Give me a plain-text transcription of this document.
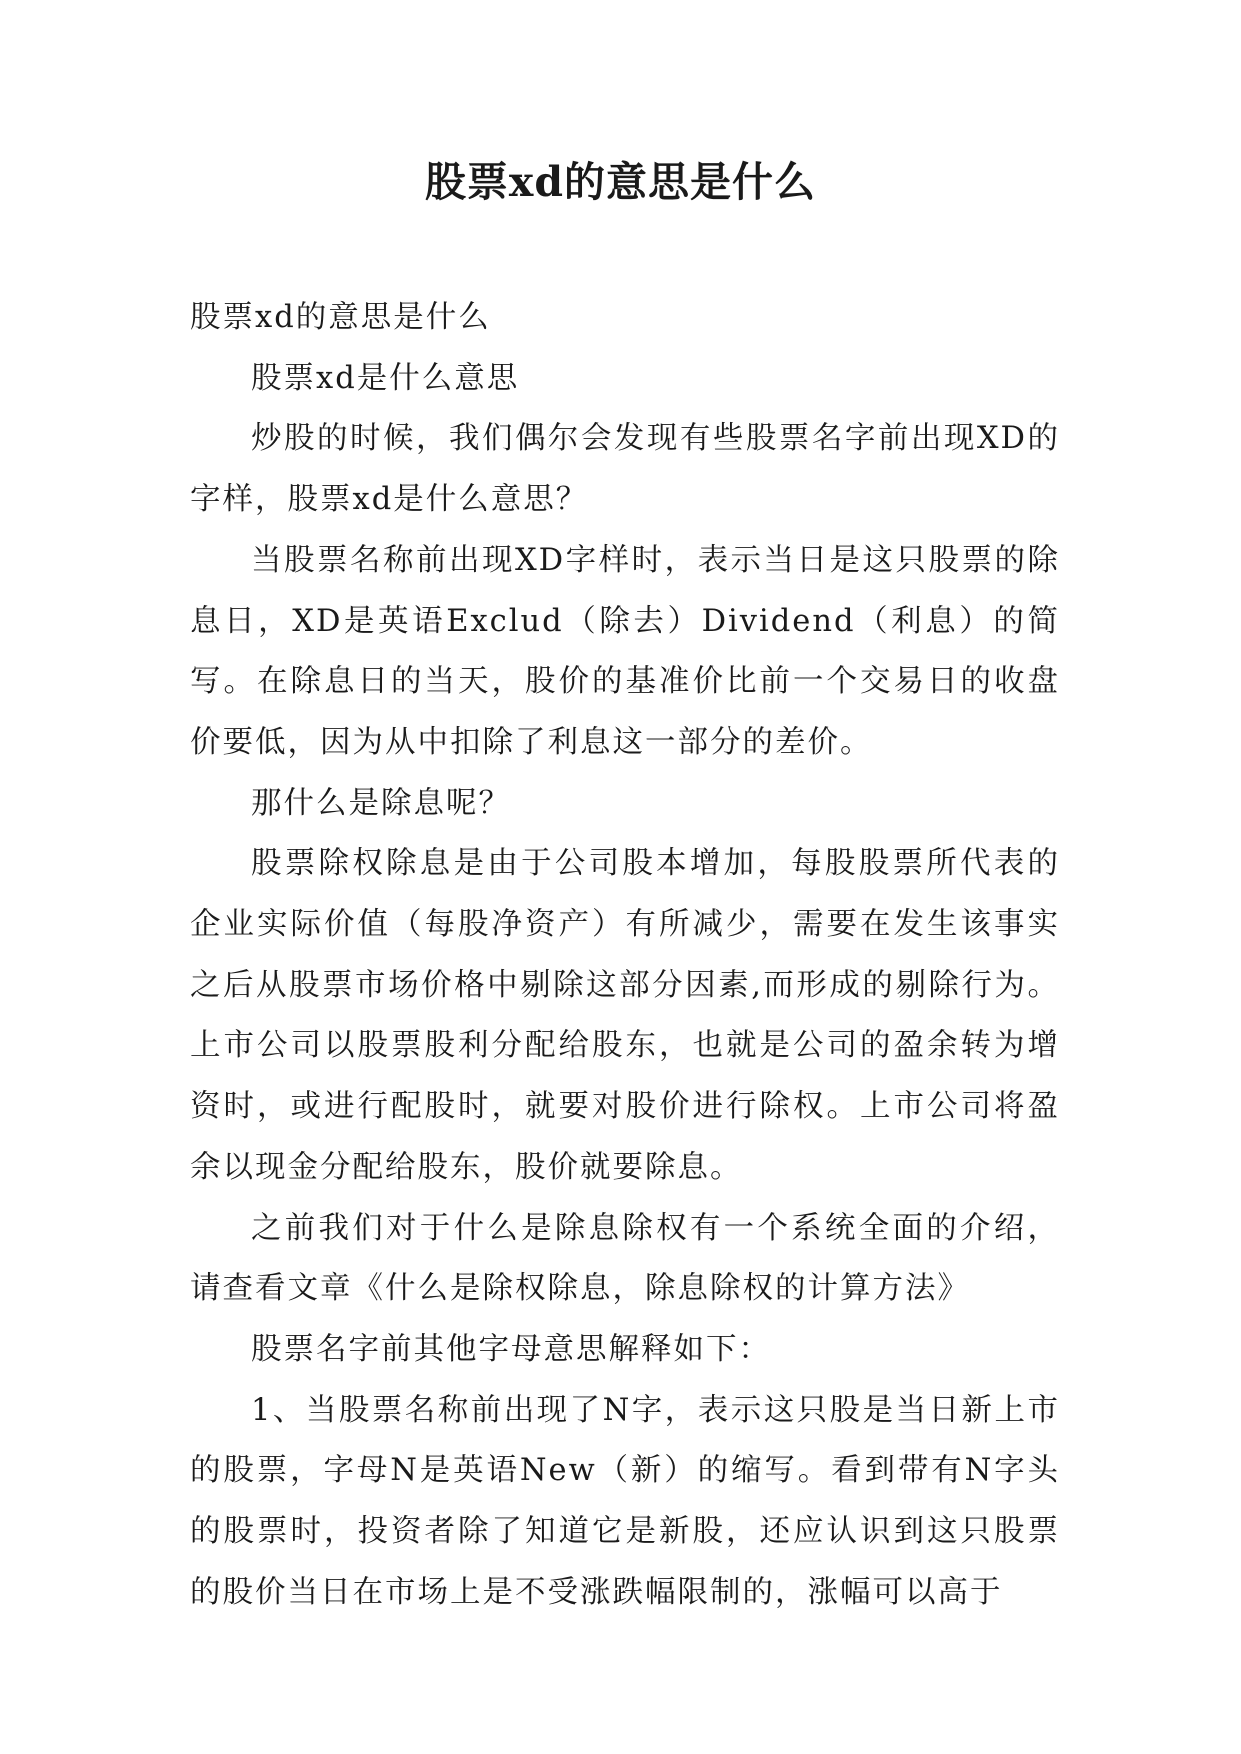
股票xd的意思是什么

股票xd的意思是什么

股票xd是什么意思

炒股的时候，我们偶尔会发现有些股票名字前出现XD的字样，股票xd是什么意思？

当股票名称前出现XD字样时，表示当日是这只股票的除息日，XD是英语Exclud（除去）Dividend（利息）的简写。在除息日的当天，股价的基准价比前一个交易日的收盘价要低，因为从中扣除了利息这一部分的差价。

那什么是除息呢？

股票除权除息是由于公司股本增加，每股股票所代表的企业实际价值（每股净资产）有所减少，需要在发生该事实之后从股票市场价格中剔除这部分因素,而形成的剔除行为。上市公司以股票股利分配给股东，也就是公司的盈余转为增资时，或进行配股时，就要对股价进行除权。上市公司将盈余以现金分配给股东，股价就要除息。

之前我们对于什么是除息除权有一个系统全面的介绍，请查看文章《什么是除权除息，除息除权的计算方法》

股票名字前其他字母意思解释如下：

1、当股票名称前出现了N字，表示这只股是当日新上市的股票，字母N是英语New（新）的缩写。看到带有N字头的股票时，投资者除了知道它是新股，还应认识到这只股票的股价当日在市场上是不受涨跌幅限制的，涨幅可以高于
